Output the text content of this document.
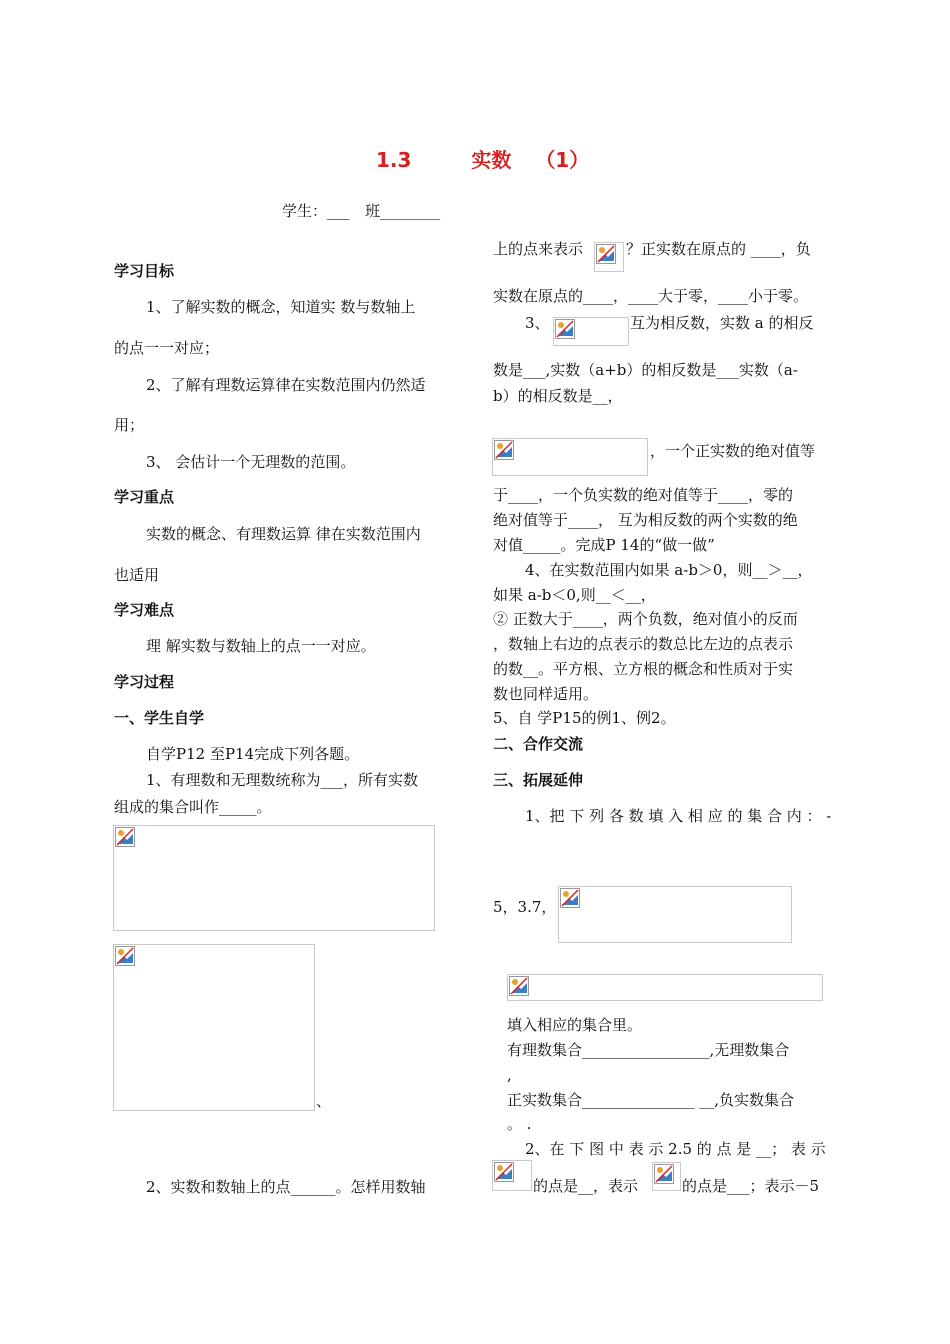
1.3	实数 （1）
学生：___ 班________
学习目标
1、了解实数的概念，知道实 数与数轴上
的点一一对应；
2、了解有理数运算律在实数范围内仍然适
用；
3、 会估计一个无理数的范围。
学习重点
实数的概念、有理数运算 律在实数范围内
也适用
学习难点
理 解实数与数轴上的点一一对应。
学习过程
一、学生自学
自学P12 至P14完成下列各题。
1、有理数和无理数统称为___，所有实数
组成的集合叫作_____。
、
2、实数和数轴上的点______。怎样用数轴
上的点来表示	？正实数在原点的 ____，负
实数在原点的____，____大于零，____小于零。
3、	互为相反数，实数 a 的相反
数是___,实数（a+b）的相反数是___实数（a-
b）的相反数是__，
，一个正实数的绝对值等
于____，一个负实数的绝对值等于____，零的
绝对值等于____， 互为相反数的两个实数的绝
对值_____。完成P 14的“做一做”
4、在实数范围内如果 a-b＞0，则__＞__，
如果 a-b＜0,则__＜__，
② 正数大于____，两个负数，绝对值小的反而
，数轴上右边的点表示的数总比左边的点表示
的数__。平方根、立方根的概念和性质对于实
数也同样适用。
5、自 学P15的例1、例2。
二、合作交流
三、拓展延伸
1、把 下 列 各 数 填 入 相 应 的 集 合 内 ： -
5，3.7，
填入相应的集合里。
有理数集合_________________,无理数集合
,
正实数集合_______________ __,负实数集合
。 .
2、在 下 图 中 表 示 2.5 的 点 是 __； 表 示
的点是__，表示	的点是___；表示－5
